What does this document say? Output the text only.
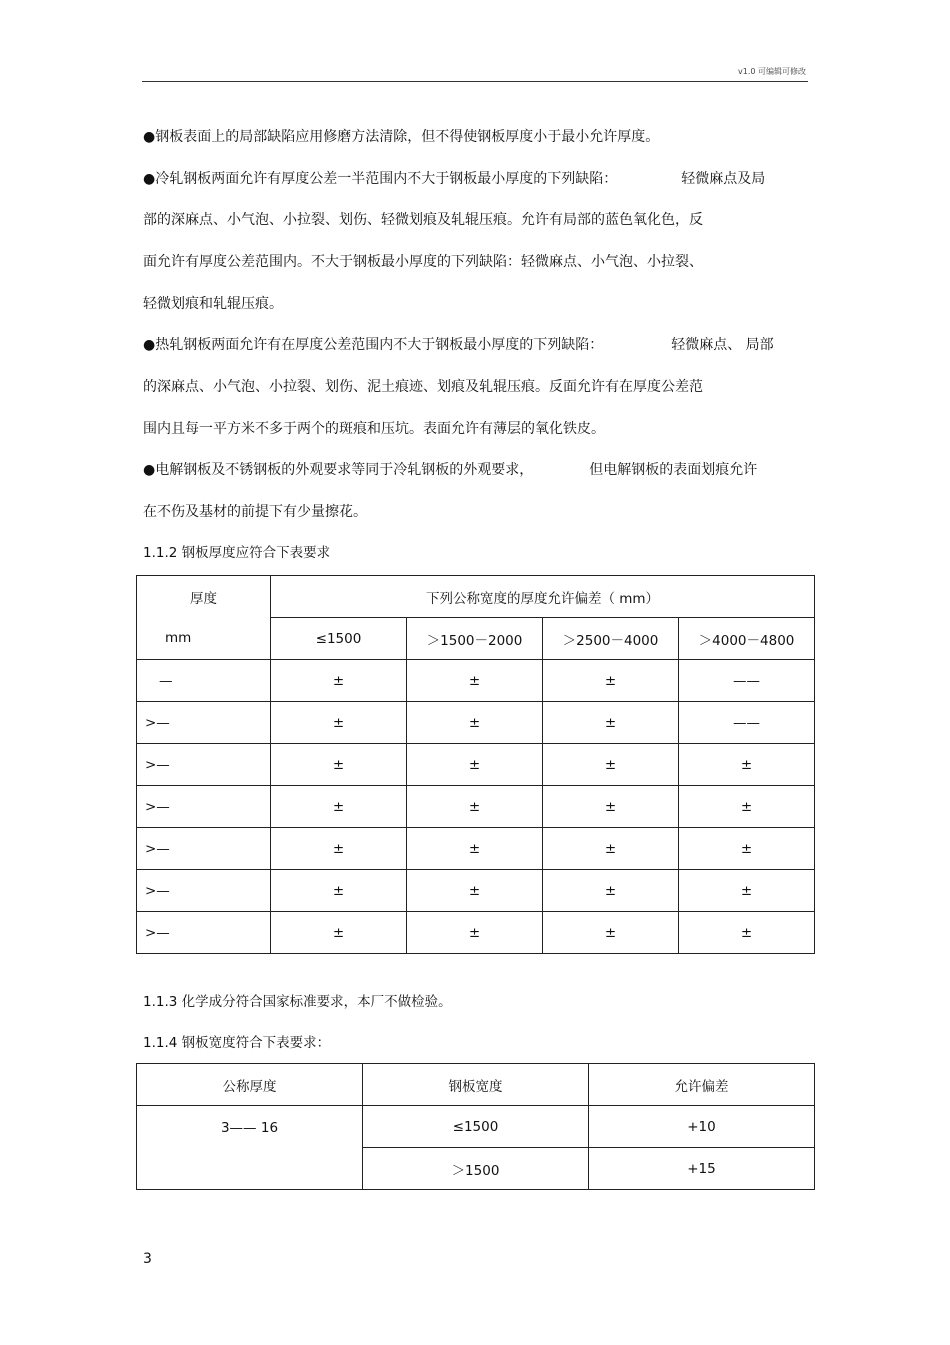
v1.0 可编辑可修改
●钢板表面上的局部缺陷应用修磨方法清除，但不得使钢板厚度小于最小允许厚度。
●冷轧钢板两面允许有厚度公差一半范围内不大于钢板最小厚度的下列缺陷：	轻微麻点及局
部的深麻点、小气泡、小拉裂、划伤、轻微划痕及轧辊压痕。允许有局部的蓝色氧化色，反
面允许有厚度公差范围内。不大于钢板最小厚度的下列缺陷：轻微麻点、小气泡、小拉裂、
轻微划痕和轧辊压痕。
●热轧钢板两面允许有在厚度公差范围内不大于钢板最小厚度的下列缺陷：	轻微麻点、 局部
的深麻点、小气泡、小拉裂、划伤、泥土痕迹、划痕及轧辊压痕。反面允许有在厚度公差范
围内且每一平方米不多于两个的斑痕和压坑。表面允许有薄层的氧化铁皮。
●电解钢板及不锈钢板的外观要求等同于冷轧钢板的外观要求，	但电解钢板的表面划痕允许
在不伤及基材的前提下有少量擦花。
1.1.2 钢板厚度应符合下表要求
厚度	下列公称宽度的厚度允许偏差（ mm）			
mm	≤1500	＞1500－2000	＞2500－4000	＞4000－4800
—	±	±	±	——
>—	±	±	±	——
>—	±	±	±	±
>—	±	±	±	±
>—	±	±	±	±
>—	±	±	±	±
>—	±	±	±	±
1.1.3 化学成分符合国家标准要求，本厂不做检验。
1.1.4 钢板宽度符合下表要求：
公称厚度	钢板宽度	允许偏差
3—— 16	≤1500	+10
	＞1500	+15
3
